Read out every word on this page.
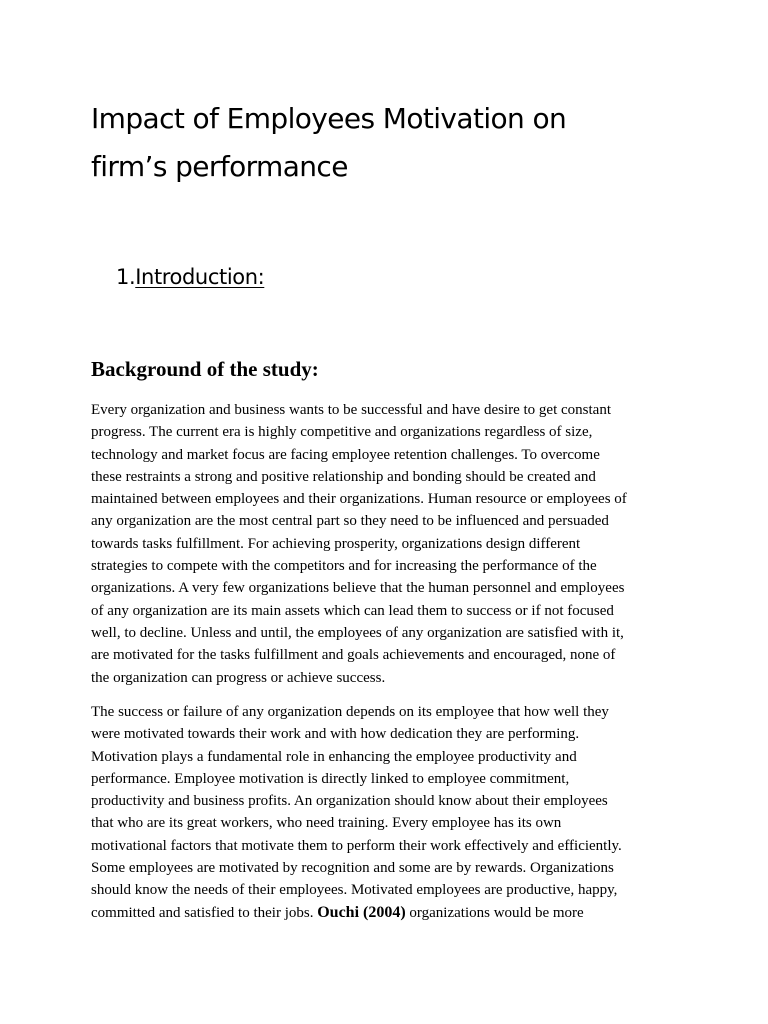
Impact of Employees Motivation on
firm’s performance
1.Introduction:
Background of the study:

Every organization and business wants to be successful and have desire to get constant
progress. The current era is highly competitive and organizations regardless of size,
technology and market focus are facing employee retention challenges. To overcome
these restraints a strong and positive relationship and bonding should be created and
maintained between employees and their organizations. Human resource or employees of
any organization are the most central part so they need to be influenced and persuaded
towards tasks fulfillment. For achieving prosperity, organizations design different
strategies to compete with the competitors and for increasing the performance of the
organizations. A very few organizations believe that the human personnel and employees
of any organization are its main assets which can lead them to success or if not focused
well, to decline. Unless and until, the employees of any organization are satisfied with it,
are motivated for the tasks fulfillment and goals achievements and encouraged, none of
the organization can progress or achieve success.

The success or failure of any organization depends on its employee that how well they
were motivated towards their work and with how dedication they are performing.
Motivation plays a fundamental role in enhancing the employee productivity and
performance. Employee motivation is directly linked to employee commitment,
productivity and business profits. An organization should know about their employees
that who are its great workers, who need training. Every employee has its own
motivational factors that motivate them to perform their work effectively and efficiently.
Some employees are motivated by recognition and some are by rewards. Organizations
should know the needs of their employees. Motivated employees are productive, happy,
committed and satisfied to their jobs. Ouchi (2004) organizations would be more
